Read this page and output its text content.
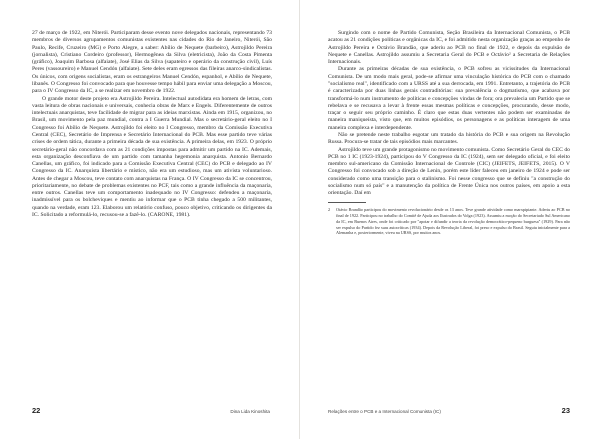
27 de março de 1922, em Niterói. Participaram desse evento nove delegados nacionais, representando 73 membros de diversos agrupamentos comunistas existentes nas cidades do Rio de Janeiro, Niterói, São Paulo, Recife, Cruzeiro (MG) e Porto Alegre, a saber: Abílio de Nequete (barbeiro), Astrojildo Pereira (jornalista), Cristiano Cordeiro (professor), Hermogênea da Silva (eletricista), João da Costa Pimenta (gráfico), Joaquim Barbosa (alfaiate), José Elias da Silva (sapateiro e operário da construção civil), Luís Peres (vassoureiro) e Manuel Cendón (alfaiate). Sete deles eram egressos das fileiras anarco-sindicalistas. Os únicos, com origens socialistas, eram os estrangeiros Manuel Cendón, espanhol, e Abílio de Nequete, libanês. O Congresso foi convocado para que houvesse tempo hábil para enviar uma delegação a Moscou, para o IV Congresso da IC, a se realizar em novembro de 1922.

O grande motor deste projeto era Astrojildo Pereira. Intelectual autodidata era homem de letras, com vasta leitura de obras nacionais e universais, conhecia obras de Marx e Engels. Diferentemente de outros intelectuais anarquistas, teve facilidade de migrar para as ideias marxistas. Ainda em 1915, organizou, no Brasil, um movimento pela paz mundial, contra a I Guerra Mundial. Mas o secretário-geral eleito no I Congresso foi Abílio de Nequete. Astrojildo foi eleito no I Congresso, membro da Comissão Executiva Central (CEC), Secretário de Imprensa e Secretário Internacional do PCB. Mas esse partido teve várias crises de ordem tática, durante a primeira década de sua existência. A primeira delas, em 1923. O próprio secretário-geral não concordava com as 21 condições impostas para admitir um partido na IC. Ademais, esta organização desconfiava de um partido com tamanha hegemonia anarquista. Antonio Bernardo Canellas, um gráfico, foi indicado para a Comissão Executiva Central (CEC) do PCB e delegado ao IV Congresso da IC. Anarquista libertário e místico, não era um estudioso, mas um ativista voluntarioso. Antes de chegar a Moscou, teve contato com anarquistas na França. O IV Congresso da IC se concentrou, prioritariamente, no debate de problemas existentes no PCF, tais como a grande influência da maçonaria, entre outros. Canellas teve um comportamento inadequado no IV Congresso: defendeu a maçonaria, inadmissível para os bolcheviques e mentiu ao informar que o PCB tinha chegado a 500 militantes, quando na verdade, eram 123. Elaborou um relatório confuso, pouco objetivo, criticando os dirigentes da IC. Solicitado a reformulá-lo, recusou-se a fazê-lo. (CARONE, 1981).

22	Dina Lida Kinoshita

Surgindo com o nome de Partido Comunista, Seção Brasileira da Internacional Comunista, o PCB acatou as 21 condições políticas e orgânicas da IC, e foi admitido nesta organização graças ao empenho de Astrojildo Pereira e Octávio Brandão, que aderiu ao PCB no final de 1922, e depois da expulsão de Nequete e Canellas. Astrojildo assumiu a Secretaria Geral do PCB e Octávio² a Secretaria de Relações Internacionais.

Durante as primeiras décadas de sua existência, o PCB sofreu as vicissitudes da Internacional Comunista. De um modo mais geral, pode-se afirmar uma vinculação histórica do PCB com o chamado "socialismo real", identificado com a URSS até a sua derrocada, em 1991. Entretanto, a trajetória do PCB é caracterizada por duas linhas gerais contraditórias: sua prevalência o dogmatismo, que acabava por transformá-lo num instrumento de políticas e concepções vindas de fora; ora prevalecia um Partido que se rebelava e se recusava a levar à frente essas mesmas políticas e concepções, procurando, desse modo, traçar o seguir seu próprio caminho. É claro que estas duas vertentes não podem ser examinadas de maneira maniqueísta, visto que, em muitos episódios, os personagens e as políticas interagem de uma maneira complexa e interdependente.

Não se pretende neste trabalho esgotar um tratado da história do PCB e sua origem na Revolução Russa. Procura-se tratar de tais episódios mais marcantes.

Astrojildo teve um grande protagonismo no movimento comunista. Como Secretário Geral do CEC do PCB no 1 IC (1923-1924), participou do V Congresso da IC (1924), sem ser delegado oficial, e foi eleito membro sul-americano da Comissão Internacional de Controle (CIC) (JEIFETS, JEIFETS, 2015). O V Congresso foi convocado sob a direção de Lenin, porém este líder faleceu em janeiro de 1924 e pode ser considerado como uma transição para o stalinismo. Foi nesse congresso que se definiu "a construção do socialismo num só país" e a manutenção da política de Frente Única nos outros países, em apoio a esta orientação. Daí em

2	Otávio Brandão participou do movimento revolucionário desde os 13 anos. Teve grande atividade como marxpipiante. Aderiu ao PCB no final de 1922. Participou no trabalho do Comitê de Ajuda aos Ilustrados do Volga (1923). Assumiu a moção do Secretariado Sul Americano da IC, em Buenos Aires, onde foi criticado por "apoiar e difundir a teoria da revolução democrático-pequeno burguesa" (1929). Para não ser expulso do Partido fez suas autocríticas (1934). Depois da Revolução Liberal, foi preso e expulso do Brasil. Seguiu inicialmente para a Alemanha e, posteriormente, viveu na URSS, por muitos anos.
Relações entre o PCB e a Internacional Comunista (IC)	23
